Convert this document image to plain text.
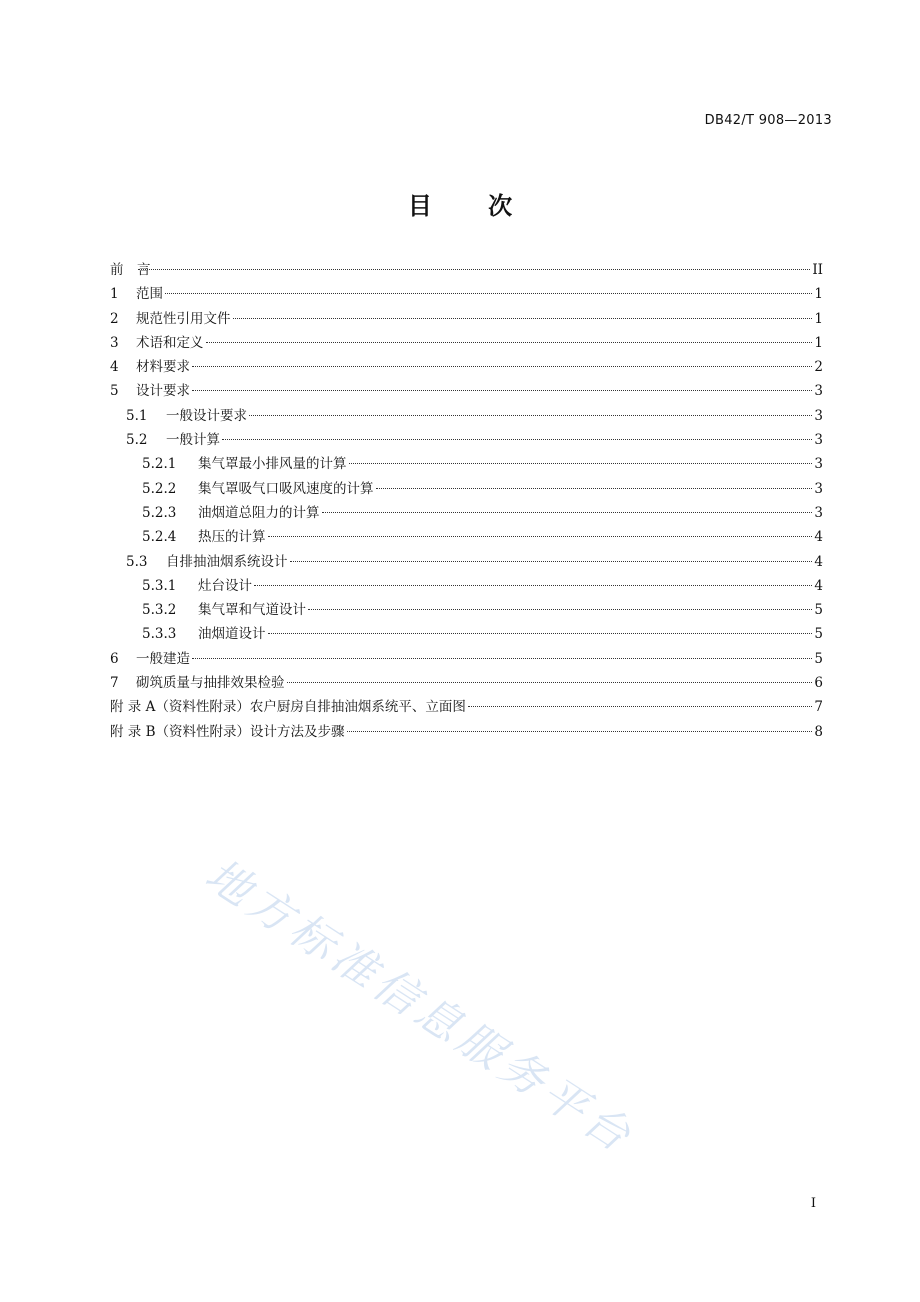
DB42/T 908—2013
目 次
前　言	II
1	范围	1
2	规范性引用文件	1
3	术语和定义	1
4	材料要求	2
5	设计要求	3
5.1	一般设计要求	3
5.2	一般计算	3
5.2.1	集气罩最小排风量的计算	3
5.2.2	集气罩吸气口吸风速度的计算	3
5.2.3	油烟道总阻力的计算	3
5.2.4	热压的计算	4
5.3	自排抽油烟系统设计	4
5.3.1	灶台设计	4
5.3.2	集气罩和气道设计	5
5.3.3	油烟道设计	5
6	一般建造	5
7	砌筑质量与抽排效果检验	6
附 录 A （资料性附录）农户厨房自排抽油烟系统平、立面图	7
附 录 B （资料性附录）设计方法及步骤	8
地方标准信息服务平台
I
